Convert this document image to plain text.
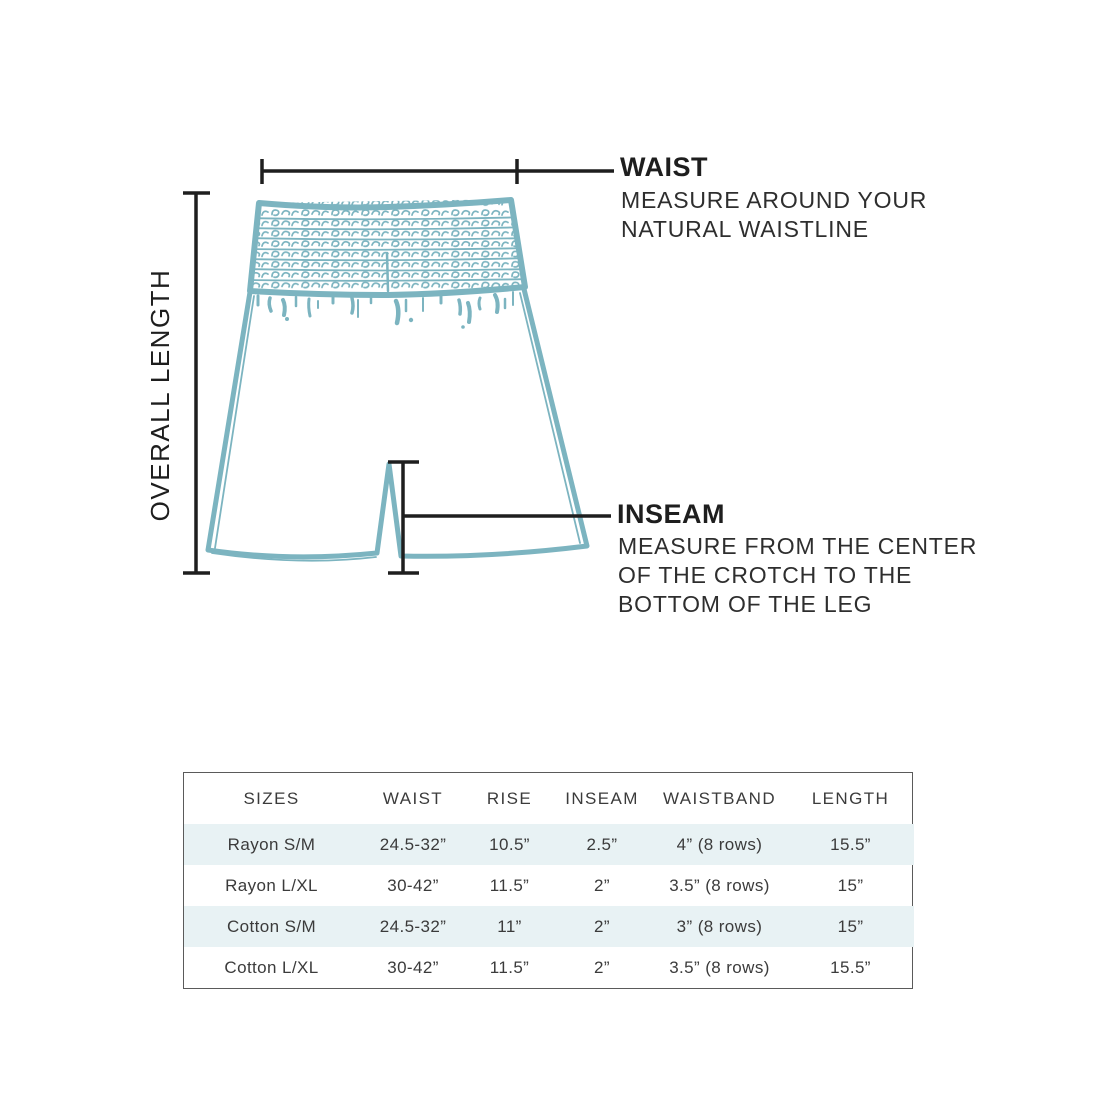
WAIST
MEASURE AROUND YOUR
NATURAL WAISTLINE
OVERALL LENGTH	INSEAM
MEASURE FROM THE CENTER
OF THE CROTCH TO THE
BOTTOM OF THE LEG
SIZES	WAIST	RISE	INSEAM	WAISTBAND	LENGTH
Rayon S/M	24.5-32”	10.5”	2.5”	4” (8 rows)	15.5”
Rayon L/XL	30-42”	11.5”	2”	3.5” (8 rows)	15”
Cotton S/M	24.5-32”	11”	2”	3” (8 rows)	15”
Cotton L/XL	30-42”	11.5”	2”	3.5” (8 rows)	15.5”
